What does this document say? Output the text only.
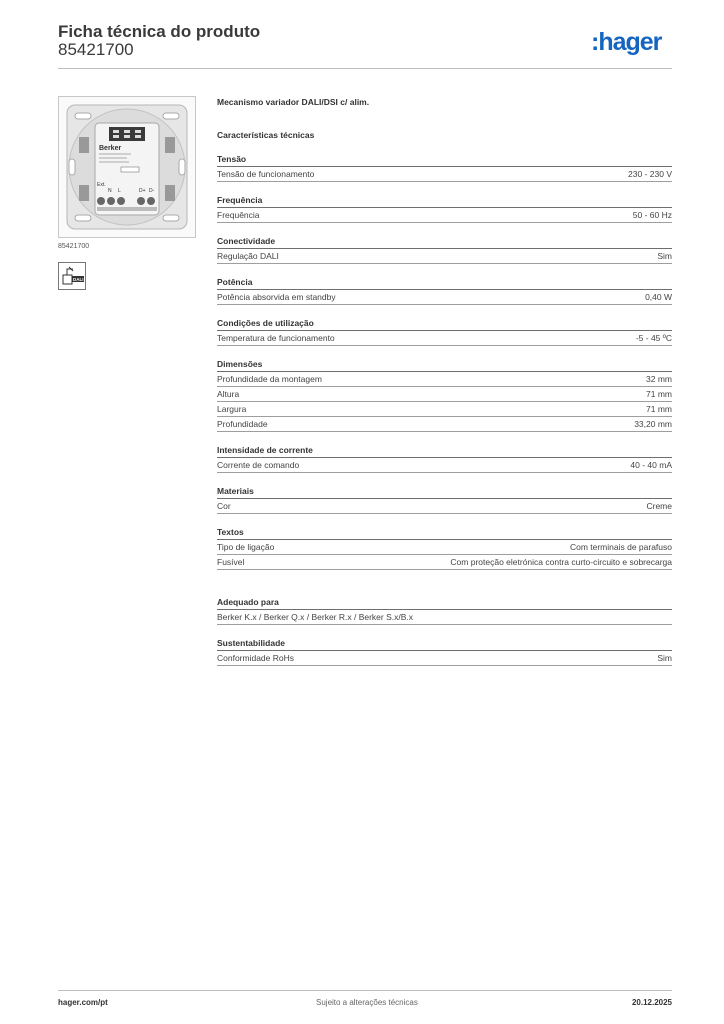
Ficha técnica do produto
85421700	:hager
Berker
Ext.
N L	D+ D-
85421700
DALI
Mecanismo variador DALI/DSI c/ alim.
Características técnicas
Tensão
Tensão de funcionamento	230 - 230 V
Frequência
Frequência	50 - 60 Hz
Conectividade
Regulação DALI	Sim
Potência
Potência absorvida em standby	0,40 W
Condições de utilização
Temperatura de funcionamento	-5 - 45 ºC
Dimensões
Profundidade da montagem	32 mm
Altura	71 mm
Largura	71 mm
Profundidade	33,20 mm
Intensidade de corrente
Corrente de comando	40 - 40 mA
Materiais
Cor	Creme
Textos
Tipo de ligação	Com terminais de parafuso
Fusível	Com proteção eletrónica contra curto-circuito e sobrecarga
Adequado para
Berker K.x / Berker Q.x / Berker R.x / Berker S.x/B.x
Sustentabilidade
Conformidade RoHs	Sim
hager.com/pt	Sujeito a alterações técnicas	20.12.2025
